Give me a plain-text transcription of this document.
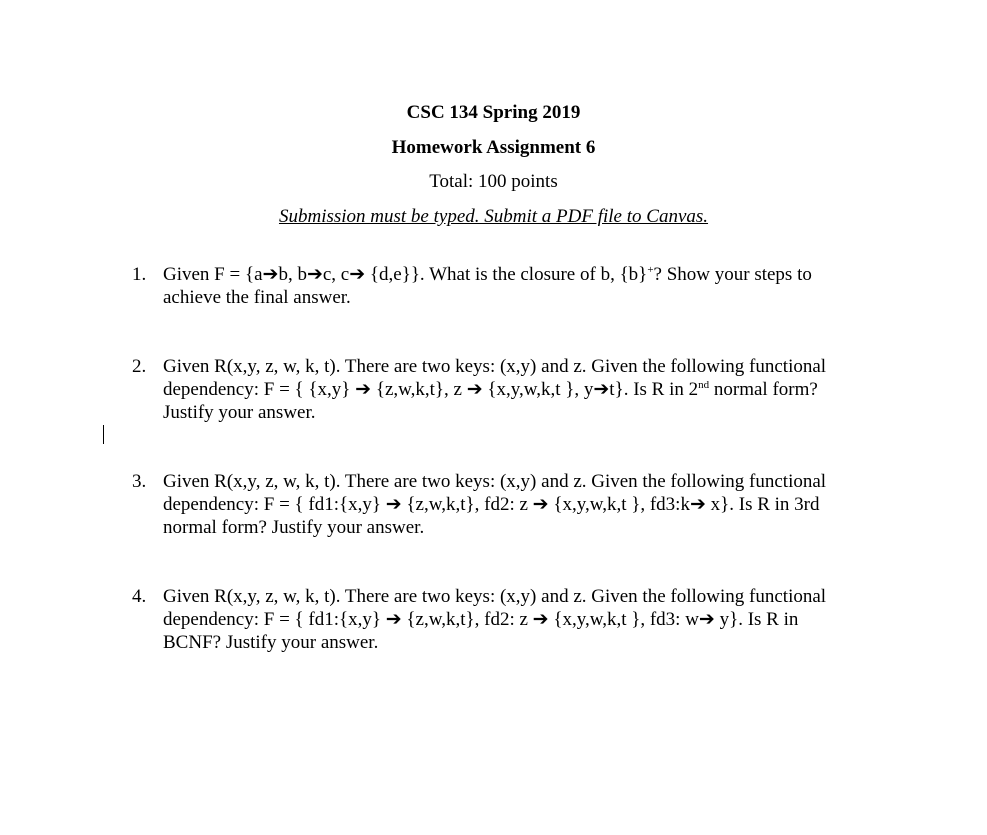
CSC 134 Spring 2019
Homework Assignment 6
Total: 100 points
Submission must be typed. Submit a PDF file to Canvas.
1. Given F = {a➔b, b➔c, c➔ {d,e}}. What is the closure of b, {b}+? Show your steps to
achieve the final answer.
2. Given R(x,y, z, w, k, t). There are two keys: (x,y) and z. Given the following functional
dependency: F = { {x,y} ➔ {z,w,k,t}, z ➔ {x,y,w,k,t }, y➔t}. Is R in 2nd normal form?
Justify your answer.
3. Given R(x,y, z, w, k, t). There are two keys: (x,y) and z. Given the following functional
dependency: F = { fd1:{x,y} ➔ {z,w,k,t}, fd2: z ➔ {x,y,w,k,t }, fd3:k➔ x}. Is R in 3rd
normal form? Justify your answer.
4. Given R(x,y, z, w, k, t). There are two keys: (x,y) and z. Given the following functional
dependency: F = { fd1:{x,y} ➔ {z,w,k,t}, fd2: z ➔ {x,y,w,k,t }, fd3: w➔ y}. Is R in
BCNF? Justify your answer.
